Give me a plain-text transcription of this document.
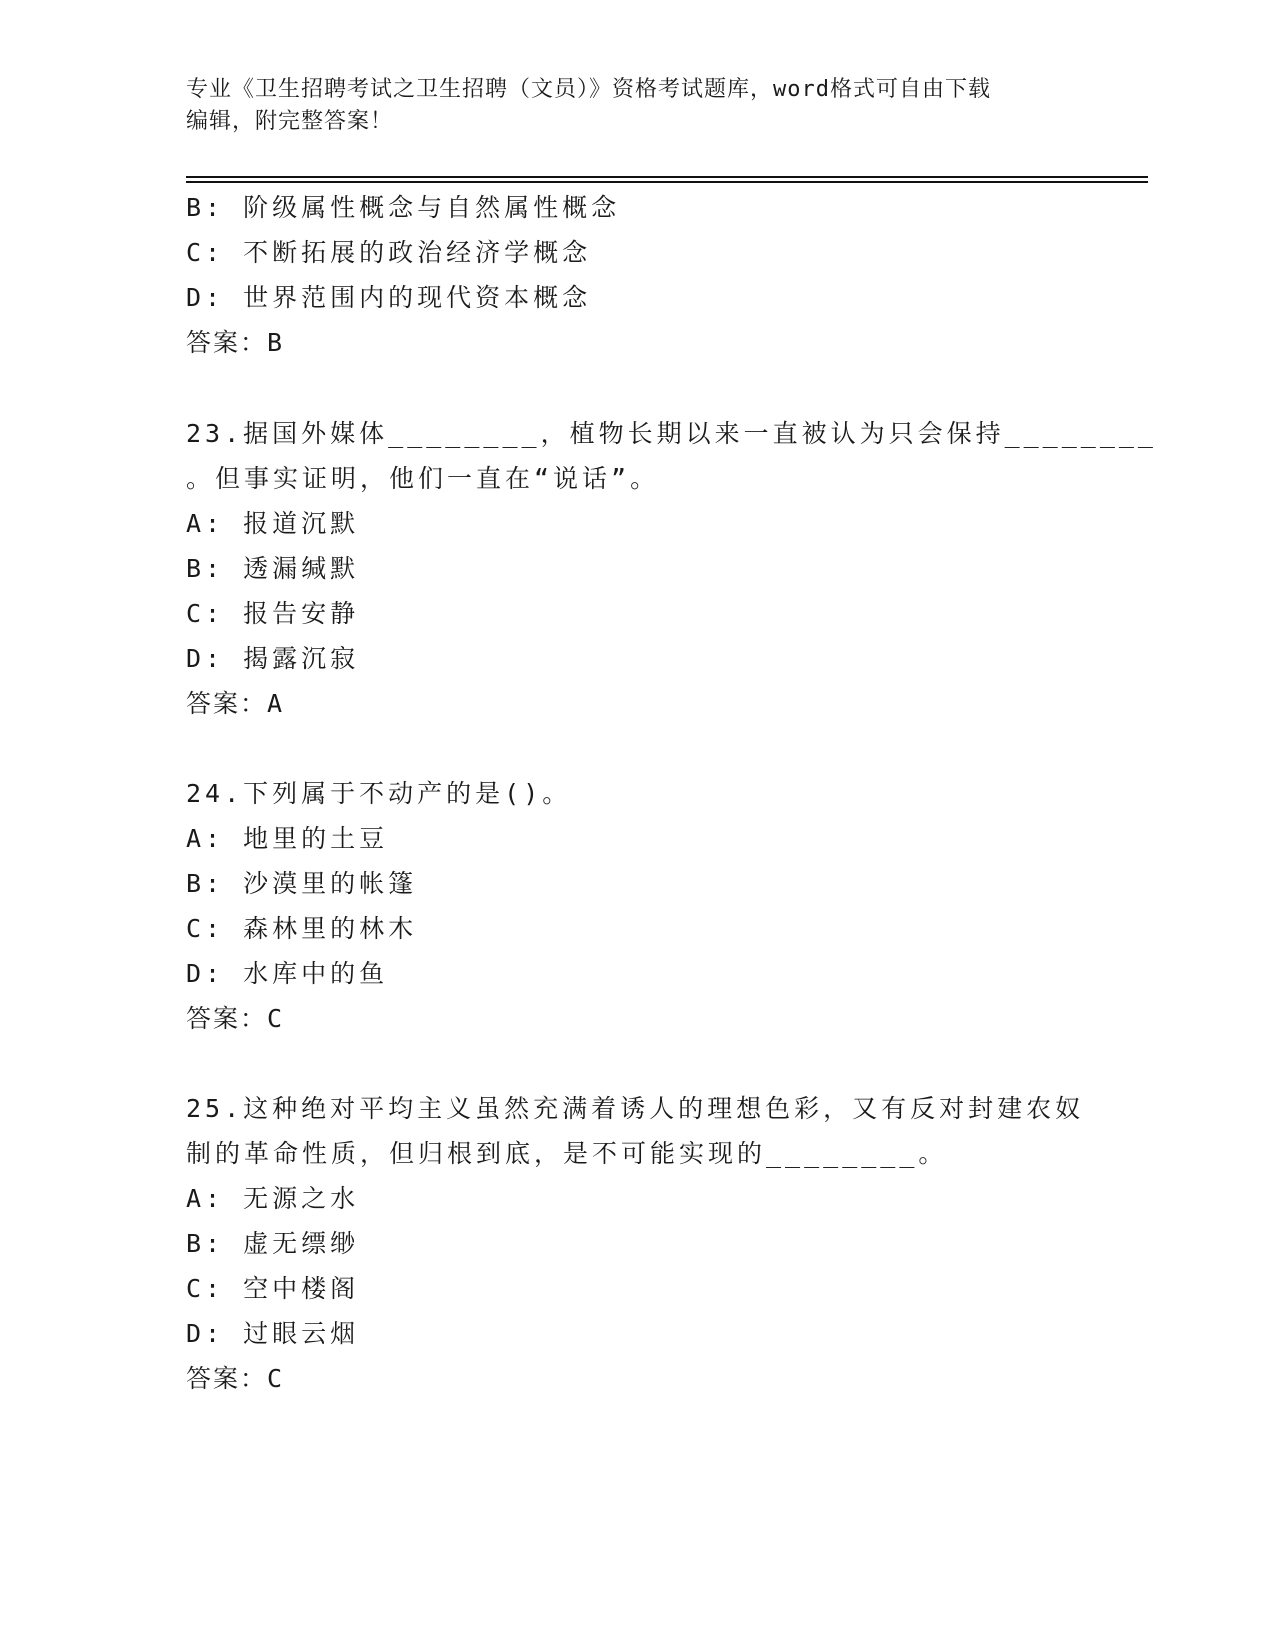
专业《卫生招聘考试之卫生招聘（文员）》资格考试题库，word格式可自由下载
编辑，附完整答案！
B: 阶级属性概念与自然属性概念
C: 不断拓展的政治经济学概念
D: 世界范围内的现代资本概念
答案：B
23.据国外媒体________，植物长期以来一直被认为只会保持________
。但事实证明，他们一直在“说话”。
A: 报道沉默
B: 透漏缄默
C: 报告安静
D: 揭露沉寂
答案：A
24.下列属于不动产的是()。
A: 地里的土豆
B: 沙漠里的帐篷
C: 森林里的林木
D: 水库中的鱼
答案：C
25.这种绝对平均主义虽然充满着诱人的理想色彩，又有反对封建农奴
制的革命性质，但归根到底，是不可能实现的________。
A: 无源之水
B: 虚无缥缈
C: 空中楼阁
D: 过眼云烟
答案：C
